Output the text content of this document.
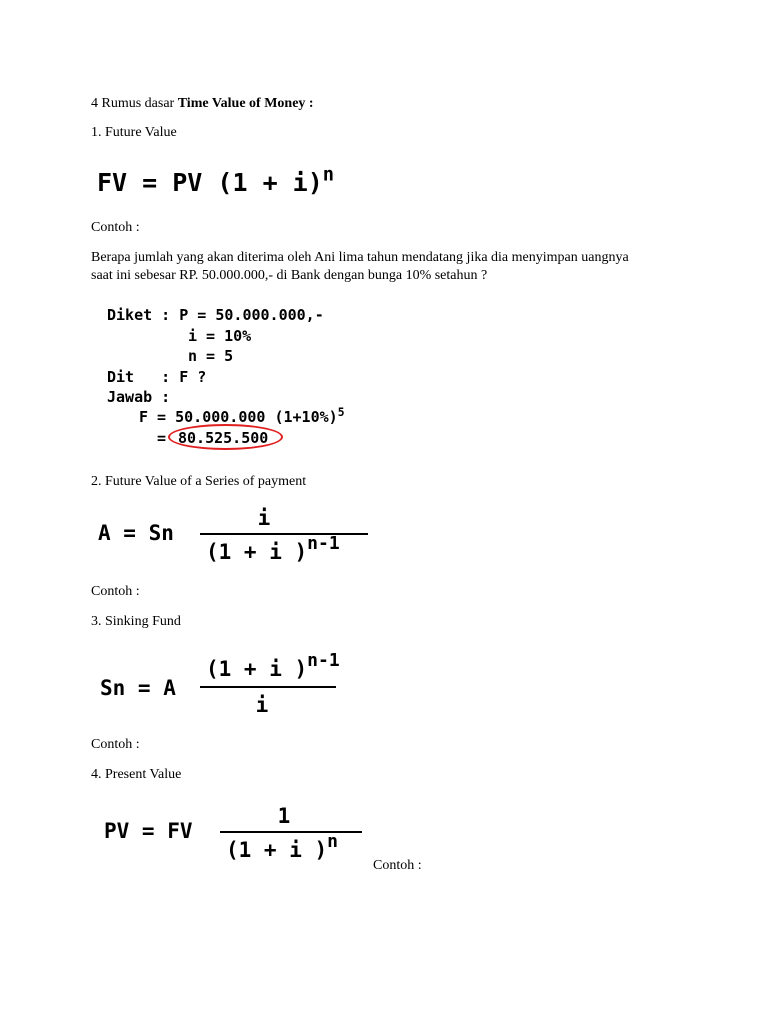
4 Rumus dasar Time Value of Money :
1. Future Value
FV = PV $(1 + i)^n$
Contoh :
Berapa jumlah yang akan diterima oleh Ani lima tahun mendatang jika dia menyimpan uangnya
saat ini sebesar RP. 50.000.000,- di Bank dengan bunga 10% setahun ?
Diket : P = 50.000.000,-
i = 10%
n = 5
Dit   : F ?
Jawab :
F = 50.000.000 $(1+10\%)^5$
= 80.525.500
2. Future Value of a Series of payment
A = Sn
i
(1 + i )$^{n-1}$
Contoh :
3. Sinking Fund
Sn = A
(1 + i )$^{n-1}$
i
Contoh :
4. Present Value
PV = FV
1
(1 + i )$^n$
Contoh :
